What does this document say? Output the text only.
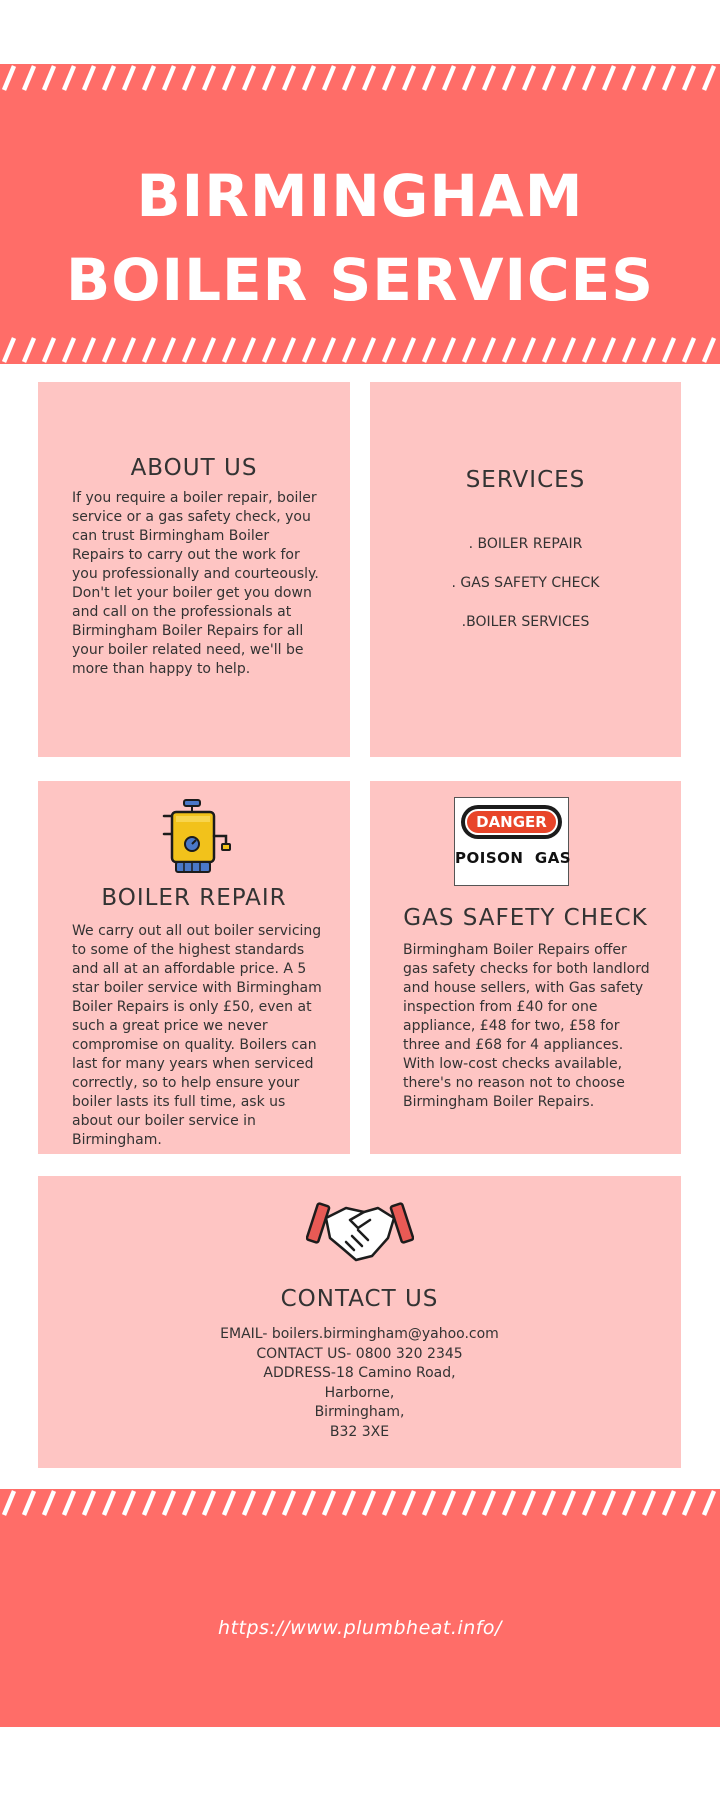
BIRMINGHAM
BOILER SERVICES
ABOUT US

If you require a boiler repair, boiler service or a gas safety check, you can trust Birmingham Boiler Repairs to carry out the work for you professionally and courteously. Don't let your boiler get you down and call on the professionals at Birmingham Boiler Repairs for all your boiler related need, we'll be more than happy to help.

SERVICES
. BOILER REPAIR
. GAS SAFETY CHECK
.BOILER SERVICES
BOILER REPAIR

We carry out all out boiler servicing to some of the highest standards and all at an affordable price. A 5 star boiler service with Birmingham Boiler Repairs is only £50, even at such a great price we never compromise on quality. Boilers can last for many years when serviced correctly, so to help ensure your boiler lasts its full time, ask us about our boiler service in Birmingham.

DANGER
POISON  GAS
GAS SAFETY CHECK

Birmingham Boiler Repairs offer gas safety checks for both landlord and house sellers, with Gas safety inspection from £40 for one appliance, £48 for two, £58 for three and £68 for 4 appliances. With low-cost checks available, there's no reason not to choose Birmingham Boiler Repairs.

CONTACT US
EMAIL- boilers.birmingham@yahoo.com
CONTACT US- 0800 320 2345
ADDRESS-18 Camino Road,
Harborne,
Birmingham,
B32 3XE
https://www.plumbheat.info/
